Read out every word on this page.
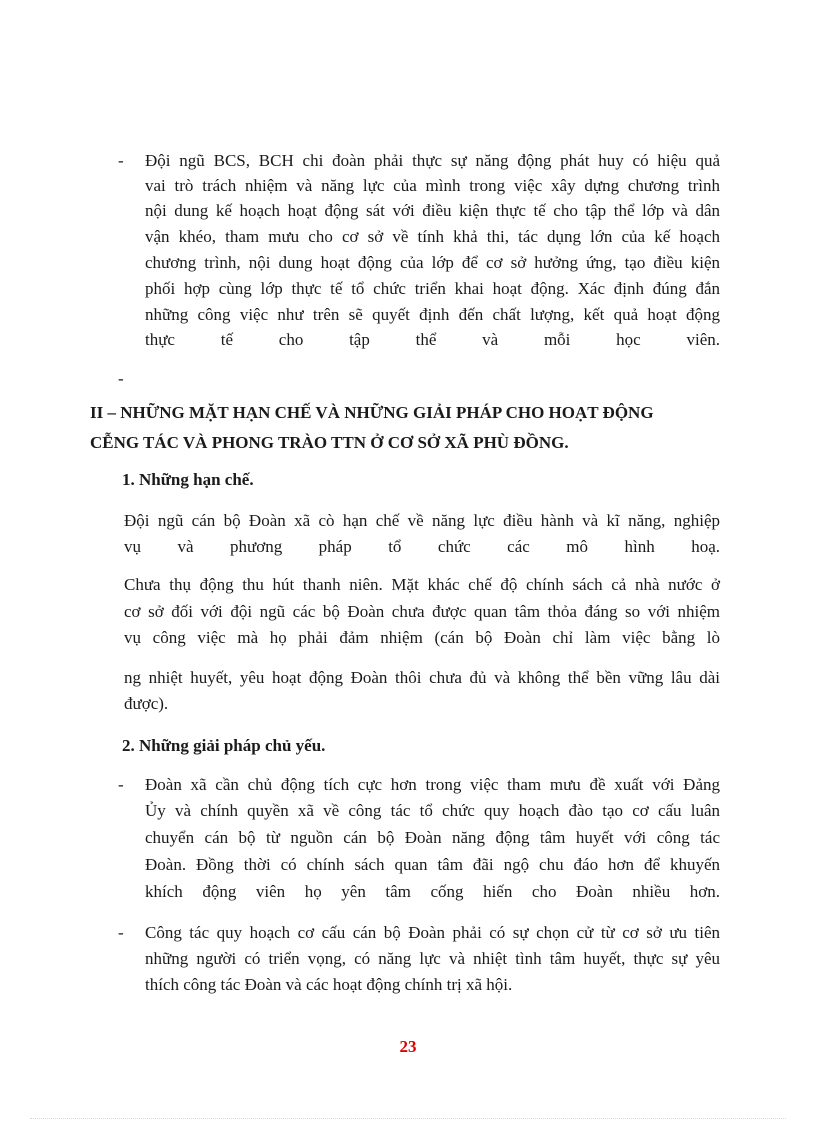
- Đội ngũ BCS, BCH chi đoàn phải thực sự năng động phát huy có hiệu quả
vai trò trách nhiệm và năng lực của mình trong việc xây dựng chương trình
nội dung kế hoạch hoạt động sát với điều kiện thực tế cho tập thể lớp và dân
vận khéo, tham mưu cho cơ sở về tính khả thi, tác dụng lớn của kế hoạch
chương trình, nội dung hoạt động của lớp để cơ sở hưởng ứng, tạo điều kiện
phối hợp cùng lớp thực tế tổ chức triển khai hoạt động. Xác định đúng đắn
những công việc như trên sẽ quyết định đến chất lượng, kết quả hoạt động
thực tế cho tập thể và mỗi học viên.
-
II – NHỮNG MẶT HẠN CHẾ VÀ NHỮNG GIẢI PHÁP CHO HOẠT ĐỘNG
CỄNG TÁC VÀ PHONG TRÀO TTN Ở CƠ SỞ XÃ PHÙ ĐỒNG.
1. Những hạn chế.
Đội ngũ cán bộ Đoàn xã cò hạn chế về năng lực điều hành và kĩ năng, nghiệp
vụ và phương pháp tổ chức các mô hình hoạ.
Chưa thụ động thu hút thanh niên. Mặt khác chế độ chính sách cả nhà nước ở
cơ sở đối với đội ngũ các bộ Đoàn chưa được quan tâm thỏa đáng so với nhiệm
vụ công việc mà họ phải đảm nhiệm (cán bộ Đoàn chỉ làm việc bằng lò
ng nhiệt huyết, yêu hoạt động Đoàn thôi chưa đủ và không thể bền vững lâu dài
được).
2. Những giải pháp chủ yếu.
- Đoàn xã cần chủ động tích cực hơn trong việc tham mưu đề xuất với Đảng
Ủy và chính quyền xã về công tác tổ chức quy hoạch đào tạo cơ cấu luân
chuyển cán bộ từ nguồn cán bộ Đoàn năng động tâm huyết với công tác
Đoàn. Đồng thời có chính sách quan tâm đãi ngộ chu đáo hơn để khuyến
khích động viên họ yên tâm cống hiến cho Đoàn nhiều hơn.
- Công tác quy hoạch cơ cấu cán bộ Đoàn phải có sự chọn cử từ cơ sở ưu tiên
những người có triển vọng, có năng lực và nhiệt tình tâm huyết, thực sự yêu
thích công tác Đoàn và các hoạt động chính trị xã hội.
23
